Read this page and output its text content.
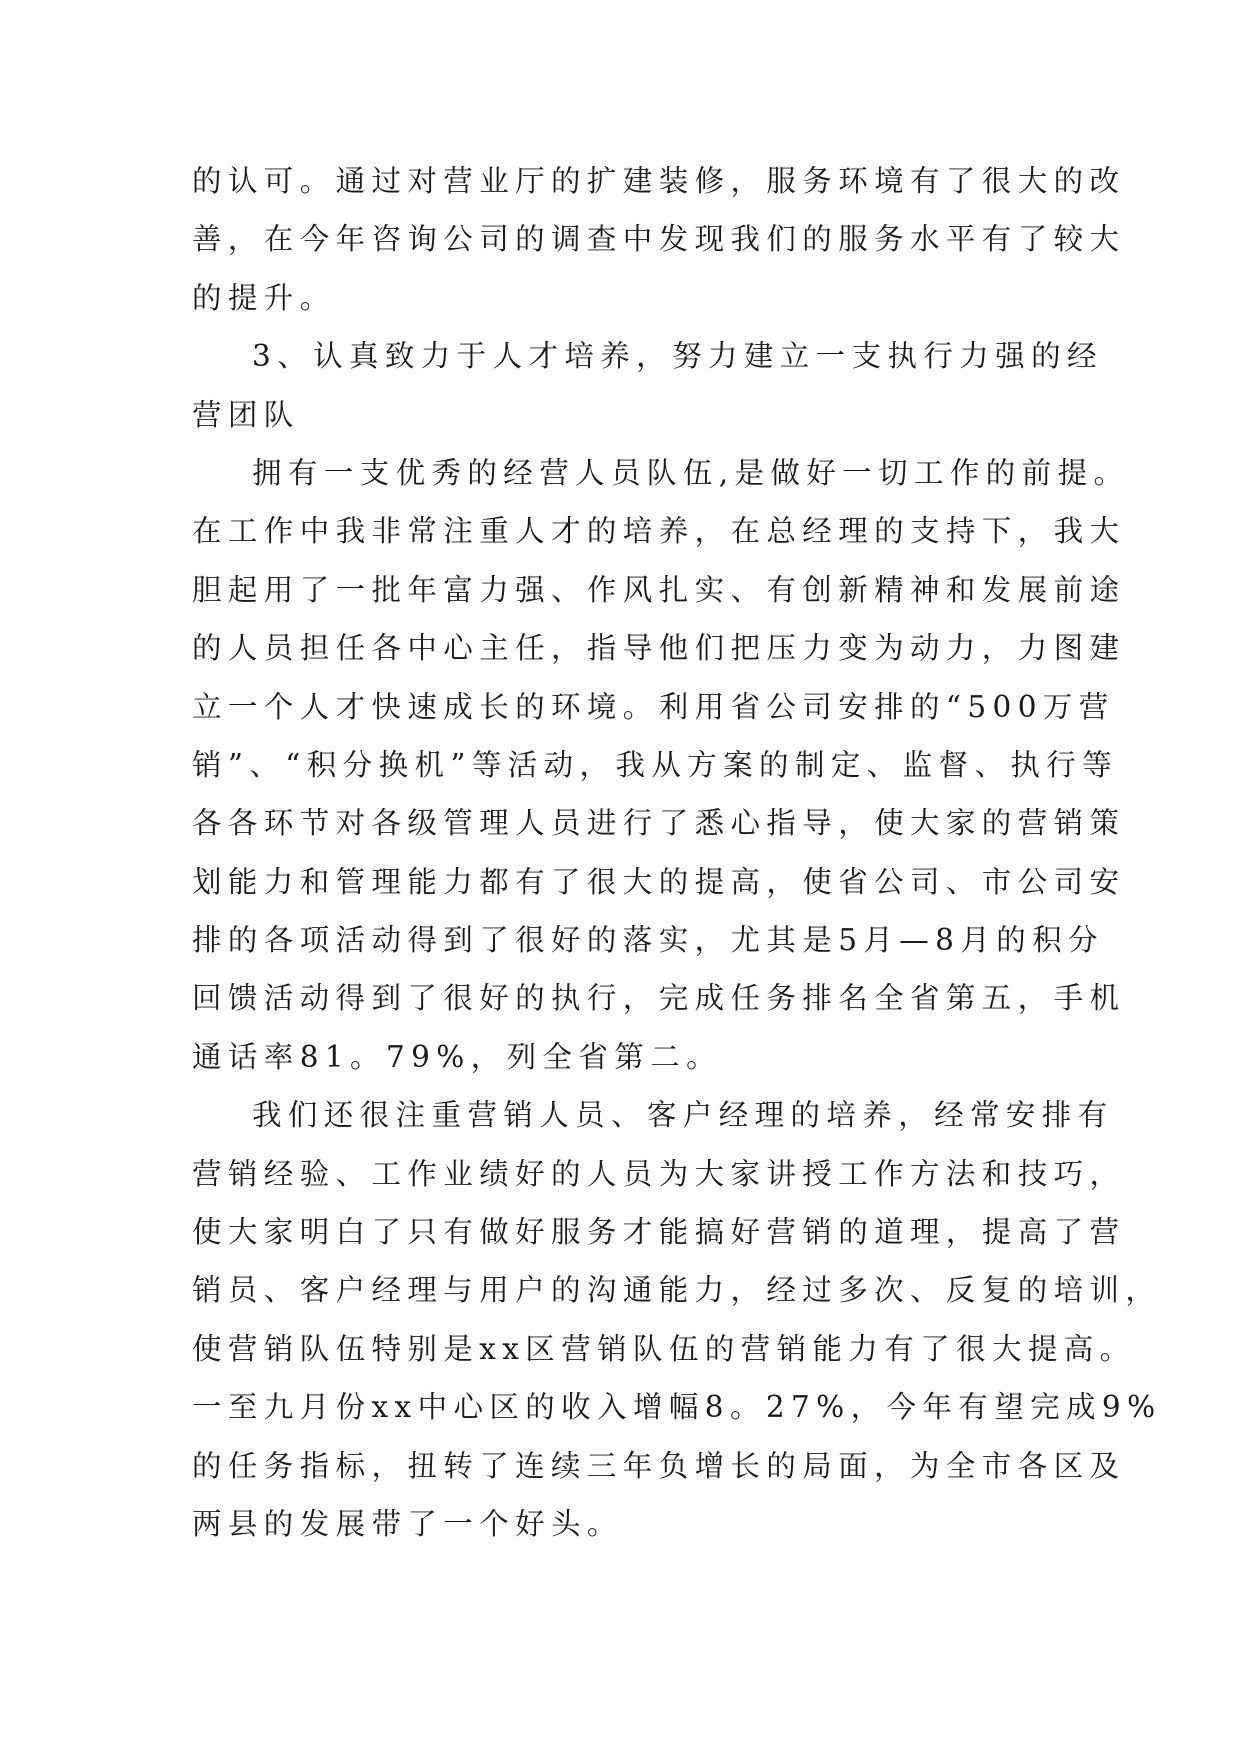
的认可。通过对营业厅的扩建装修，服务环境有了很大的改
善，在今年咨询公司的调查中发现我们的服务水平有了较大
的提升。
3、认真致力于人才培养，努力建立一支执行力强的经
营团队
拥有一支优秀的经营人员队伍,是做好一切工作的前提。
在工作中我非常注重人才的培养，在总经理的支持下，我大
胆起用了一批年富力强、作风扎实、有创新精神和发展前途
的人员担任各中心主任，指导他们把压力变为动力，力图建
立一个人才快速成长的环境。利用省公司安排的“500万营
销”、“积分换机”等活动，我从方案的制定、监督、执行等
各各环节对各级管理人员进行了悉心指导，使大家的营销策
划能力和管理能力都有了很大的提高，使省公司、市公司安
排的各项活动得到了很好的落实，尤其是5月—8月的积分
回馈活动得到了很好的执行，完成任务排名全省第五，手机
通话率81。79%，列全省第二。
我们还很注重营销人员、客户经理的培养，经常安排有
营销经验、工作业绩好的人员为大家讲授工作方法和技巧，
使大家明白了只有做好服务才能搞好营销的道理，提高了营
销员、客户经理与用户的沟通能力，经过多次、反复的培训，
使营销队伍特别是xx区营销队伍的营销能力有了很大提高。
一至九月份xx中心区的收入增幅8。27%，今年有望完成9%
的任务指标，扭转了连续三年负增长的局面，为全市各区及
两县的发展带了一个好头。
